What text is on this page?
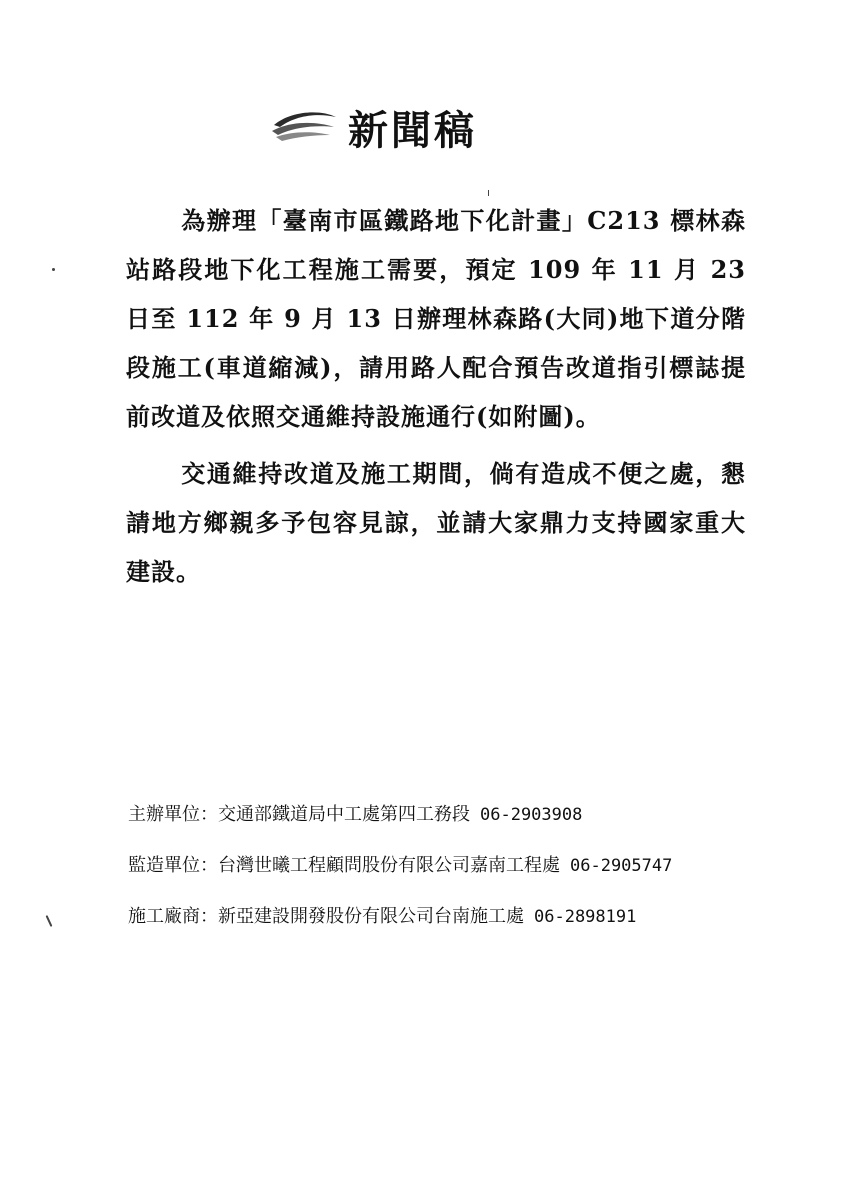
新聞稿

為辦理「臺南市區鐵路地下化計畫」C213 標林森站路段地下化工程施工需要，預定 109 年 11 月 23 日至 112 年 9 月 13 日辦理林森路(大同)地下道分階段施工(車道縮減)，請用路人配合預告改道指引標誌提前改道及依照交通維持設施通行(如附圖)。

交通維持改道及施工期間，倘有造成不便之處，懇請地方鄉親多予包容見諒，並請大家鼎力支持國家重大建設。

主辦單位：交通部鐵道局中工處第四工務段 06-2903908
監造單位：台灣世曦工程顧問股份有限公司嘉南工程處 06-2905747
施工廠商：新亞建設開發股份有限公司台南施工處 06-2898191
